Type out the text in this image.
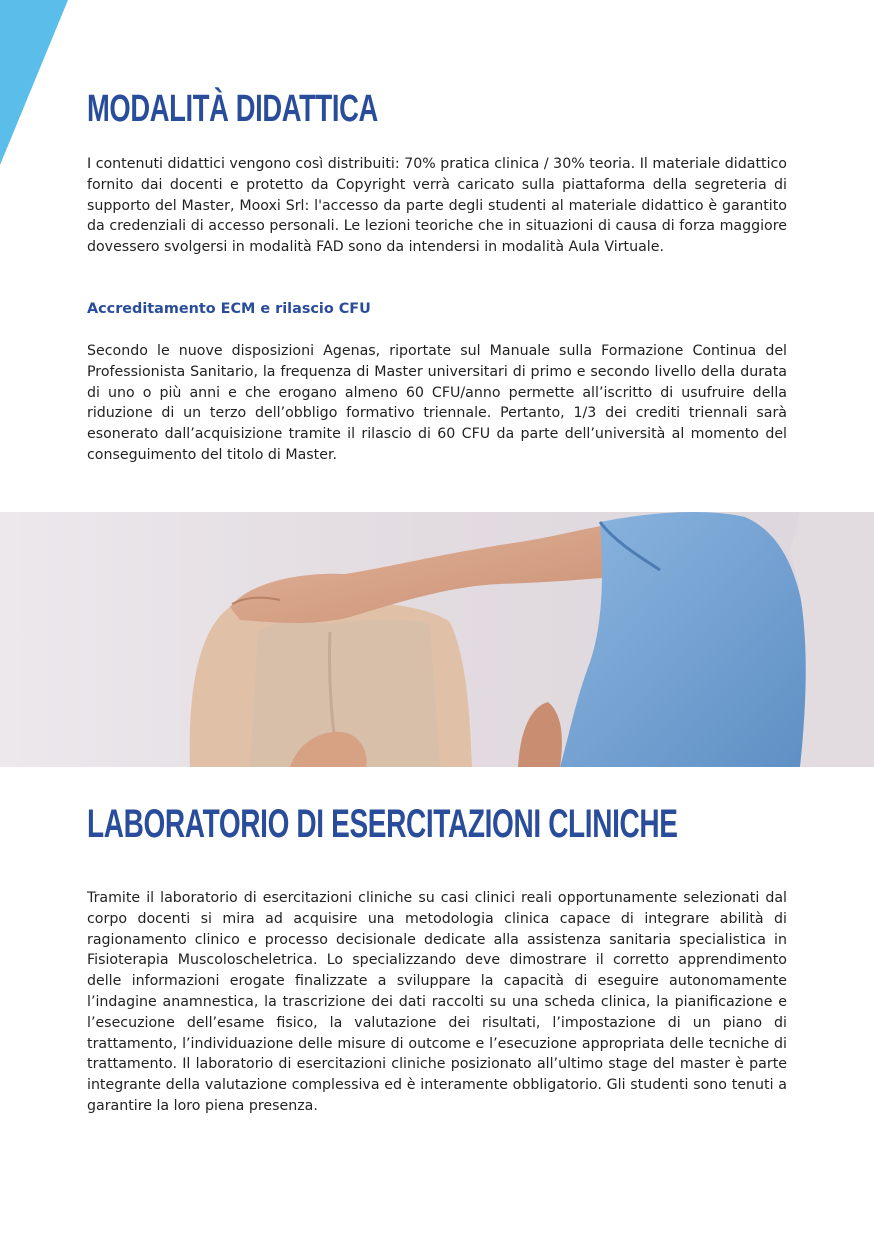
MODALITÀ DIDATTICA

I contenuti didattici vengono così distribuiti: 70% pratica clinica / 30% teoria. Il materiale didattico fornito dai docenti e protetto da Copyright verrà caricato sulla piattaforma della segreteria di supporto del Master, Mooxi Srl: l'accesso da parte degli studenti al materiale didattico è garantito da credenziali di accesso personali. Le lezioni teoriche che in situazioni di causa di forza maggiore dovessero svolgersi in modalità FAD sono da intendersi in modalità Aula Virtuale.

Accreditamento ECM e rilascio CFU

Secondo le nuove disposizioni Agenas, riportate sul Manuale sulla Formazione Continua del Professionista Sanitario, la frequenza di Master universitari di primo e secondo livello della durata di uno o più anni e che erogano almeno 60 CFU/anno permette all’iscritto di usufruire della riduzione di un terzo dell’obbligo formativo triennale. Pertanto, 1/3 dei crediti triennali sarà esonerato dall’acquisizione tramite il rilascio di 60 CFU da parte dell’università al momento del conseguimento del titolo di Master.

LABORATORIO DI ESERCITAZIONI CLINICHE

Tramite il laboratorio di esercitazioni cliniche su casi clinici reali opportunamente selezionati dal corpo docenti si mira ad acquisire una metodologia clinica capace di integrare abilità di ragionamento clinico e processo decisionale dedicate alla assistenza sanitaria specialistica in Fisioterapia Muscoloscheletrica. Lo specializzando deve dimostrare il corretto apprendimento delle informazioni erogate finalizzate a sviluppare la capacità di eseguire autonomamente l’indagine anamnestica, la trascrizione dei dati raccolti su una scheda clinica, la pianificazione e l’esecuzione dell’esame fisico, la valutazione dei risultati, l’impostazione di un piano di trattamento, l’individuazione delle misure di outcome e l’esecuzione appropriata delle tecniche di trattamento. Il laboratorio di esercitazioni cliniche posizionato all’ultimo stage del master è parte integrante della valutazione complessiva ed è interamente obbligatorio. Gli studenti sono tenuti a garantire la loro piena presenza.
